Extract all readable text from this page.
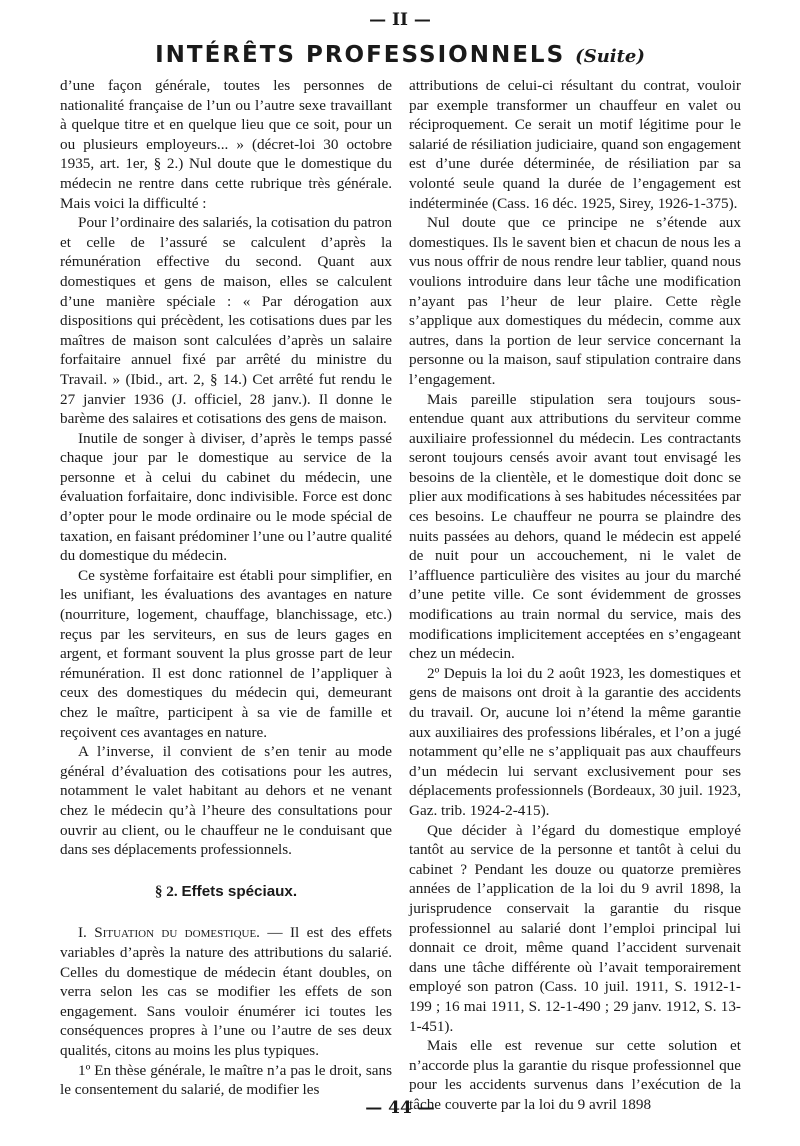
— II —
INTÉRÊTS PROFESSIONNELS (Suite)

d’une façon générale, toutes les personnes de nationalité française de l’un ou l’autre sexe travaillant à quelque titre et en quelque lieu que ce soit, pour un ou plusieurs employeurs... » (décret-loi 30 octobre 1935, art. 1er, § 2.) Nul doute que le domestique du médecin ne rentre dans cette rubrique très générale. Mais voici la difficulté :

Pour l’ordinaire des salariés, la cotisation du patron et celle de l’assuré se calculent d’après la rémunération effective du second. Quant aux domestiques et gens de maison, elles se calculent d’une manière spéciale : « Par dérogation aux dispositions qui précèdent, les cotisations dues par les maîtres de maison sont calculées d’après un salaire forfaitaire annuel fixé par arrêté du ministre du Travail. » (Ibid., art. 2, § 14.) Cet arrêté fut rendu le 27 janvier 1936 (J. officiel, 28 janv.). Il donne le barème des salaires et cotisations des gens de maison.

Inutile de songer à diviser, d’après le temps passé chaque jour par le domestique au service de la personne et à celui du cabinet du médecin, une évaluation forfaitaire, donc indivisible. Force est donc d’opter pour le mode ordinaire ou le mode spécial de taxation, en faisant prédominer l’une ou l’autre qualité du domestique du médecin.

Ce système forfaitaire est établi pour simplifier, en les unifiant, les évaluations des avantages en nature (nourriture, logement, chauffage, blanchissage, etc.) reçus par les serviteurs, en sus de leurs gages en argent, et formant souvent la plus grosse part de leur rémunération. Il est donc rationnel de l’appliquer à ceux des domestiques du médecin qui, demeurant chez le maître, participent à sa vie de famille et reçoivent ces avantages en nature.

A l’inverse, il convient de s’en tenir au mode général d’évaluation des cotisations pour les autres, notamment le valet habitant au dehors et ne venant chez le médecin qu’à l’heure des consultations pour ouvrir au client, ou le chauffeur ne le conduisant que dans ses déplacements professionnels.

§ 2. Effets spéciaux.

I. Situation du domestique. — Il est des effets variables d’après la nature des attributions du salarié. Celles du domestique de médecin étant doubles, on verra selon les cas se modifier les effets de son engagement. Sans vouloir énumérer ici toutes les conséquences propres à l’une ou l’autre de ses deux qualités, citons au moins les plus typiques.

1º En thèse générale, le maître n’a pas le droit, sans le consentement du salarié, de modifier les

attributions de celui-ci résultant du contrat, vouloir par exemple transformer un chauffeur en valet ou réciproquement. Ce serait un motif légitime pour le salarié de résiliation judiciaire, quand son engagement est d’une durée déterminée, de résiliation par sa volonté seule quand la durée de l’engagement est indéterminée (Cass. 16 déc. 1925, Sirey, 1926-1-375).

Nul doute que ce principe ne s’étende aux domestiques. Ils le savent bien et chacun de nous les a vus nous offrir de nous rendre leur tablier, quand nous voulions introduire dans leur tâche une modification n’ayant pas l’heur de leur plaire. Cette règle s’applique aux domestiques du médecin, comme aux autres, dans la portion de leur service concernant la personne ou la maison, sauf stipulation contraire dans l’engagement.

Mais pareille stipulation sera toujours sous-entendue quant aux attributions du serviteur comme auxiliaire professionnel du médecin. Les contractants seront toujours censés avoir avant tout envisagé les besoins de la clientèle, et le domestique doit donc se plier aux modifications à ses habitudes nécessitées par ces besoins. Le chauffeur ne pourra se plaindre des nuits passées au dehors, quand le médecin est appelé de nuit pour un accouchement, ni le valet de l’affluence particulière des visites au jour du marché d’une petite ville. Ce sont évidemment de grosses modifications au train normal du service, mais des modifications implicitement acceptées en s’engageant chez un médecin.

2º Depuis la loi du 2 août 1923, les domestiques et gens de maisons ont droit à la garantie des accidents du travail. Or, aucune loi n’étend la même garantie aux auxiliaires des professions libérales, et l’on a jugé notamment qu’elle ne s’appliquait pas aux chauffeurs d’un médecin lui servant exclusivement pour ses déplacements professionnels (Bordeaux, 30 juil. 1923, Gaz. trib. 1924-2-415).

Que décider à l’égard du domestique employé tantôt au service de la personne et tantôt à celui du cabinet ? Pendant les douze ou quatorze premières années de l’application de la loi du 9 avril 1898, la jurisprudence conservait la garantie du risque professionnel au salarié dont l’emploi principal lui donnait ce droit, même quand l’accident survenait dans une tâche différente où l’avait temporairement employé son patron (Cass. 10 juil. 1911, S. 1912-1-199 ; 16 mai 1911, S. 12-1-490 ; 29 janv. 1912, S. 13-1-451).

Mais elle est revenue sur cette solution et n’accorde plus la garantie du risque professionnel que pour les accidents survenus dans l’exécution de la tâche couverte par la loi du 9 avril 1898

— 44 —
